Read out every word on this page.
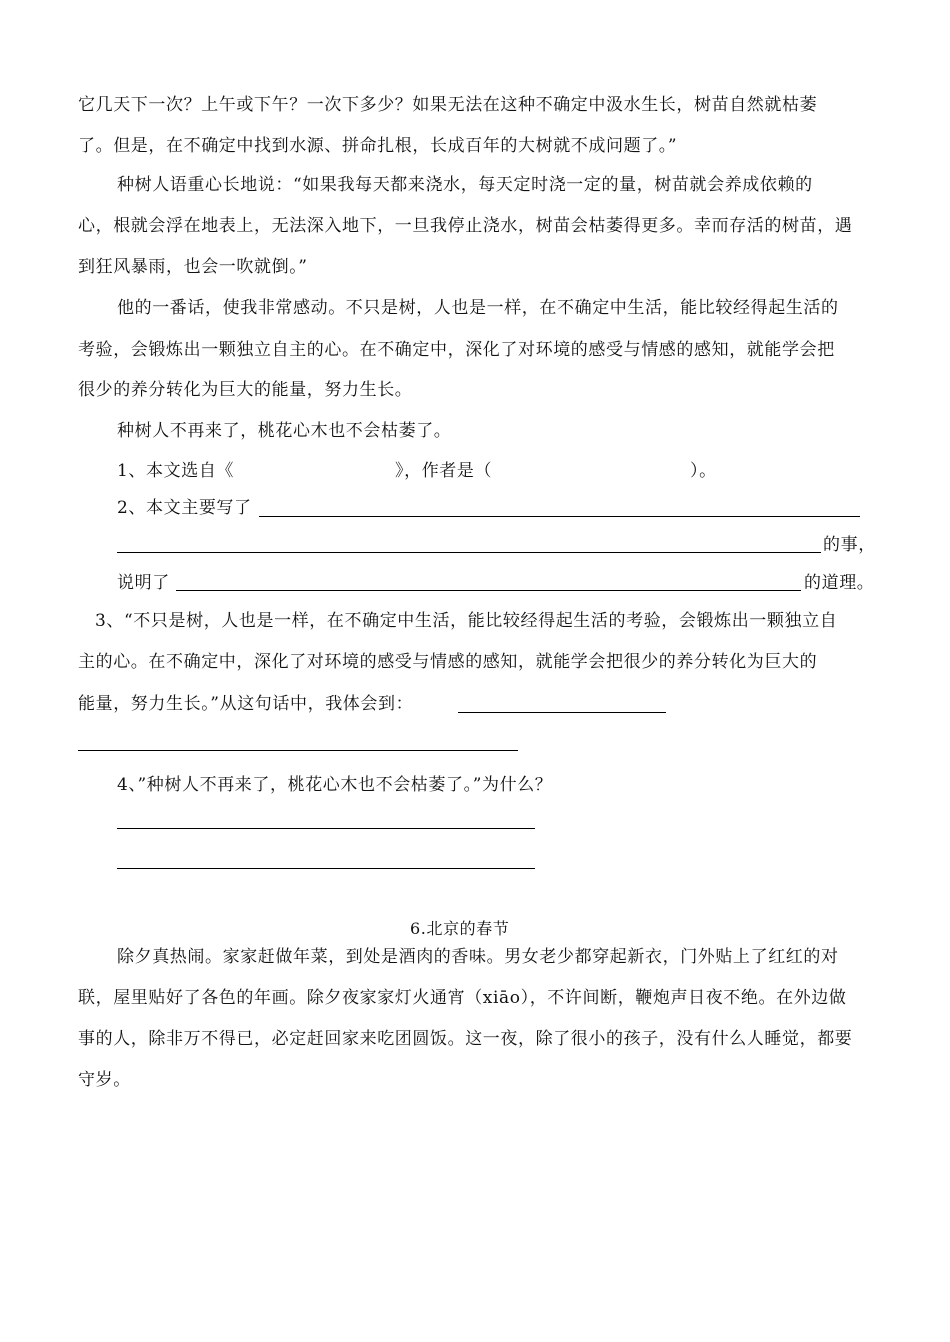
它几天下一次？上午或下午？一次下多少？如果无法在这种不确定中汲水生长，树苗自然就枯萎
了。但是，在不确定中找到水源、拼命扎根，长成百年的大树就不成问题了。”
种树人语重心长地说：“如果我每天都来浇水，每天定时浇一定的量，树苗就会养成依赖的
心，根就会浮在地表上，无法深入地下，一旦我停止浇水，树苗会枯萎得更多。幸而存活的树苗，遇
到狂风暴雨，也会一吹就倒。”
他的一番话，使我非常感动。不只是树，人也是一样，在不确定中生活，能比较经得起生活的
考验，会锻炼出一颗独立自主的心。在不确定中，深化了对环境的感受与情感的感知，就能学会把
很少的养分转化为巨大的能量，努力生长。
种树人不再来了，桃花心木也不会枯萎了。
1、本文选自《	》，作者是（	）。
2、本文主要写了
的事，
说明了	的道理。
3、“不只是树，人也是一样，在不确定中生活，能比较经得起生活的考验，会锻炼出一颗独立自
主的心。在不确定中，深化了对环境的感受与情感的感知，就能学会把很少的养分转化为巨大的
能量，努力生长。”从这句话中，我体会到：
4、”种树人不再来了，桃花心木也不会枯萎了。”为什么？
6.北京的春节
除夕真热闹。家家赶做年菜，到处是酒肉的香味。男女老少都穿起新衣，门外贴上了红红的对
联，屋里贴好了各色的年画。除夕夜家家灯火通宵（xiāo），不许间断，鞭炮声日夜不绝。在外边做
事的人，除非万不得已，必定赶回家来吃团圆饭。这一夜，除了很小的孩子，没有什么人睡觉，都要
守岁。
